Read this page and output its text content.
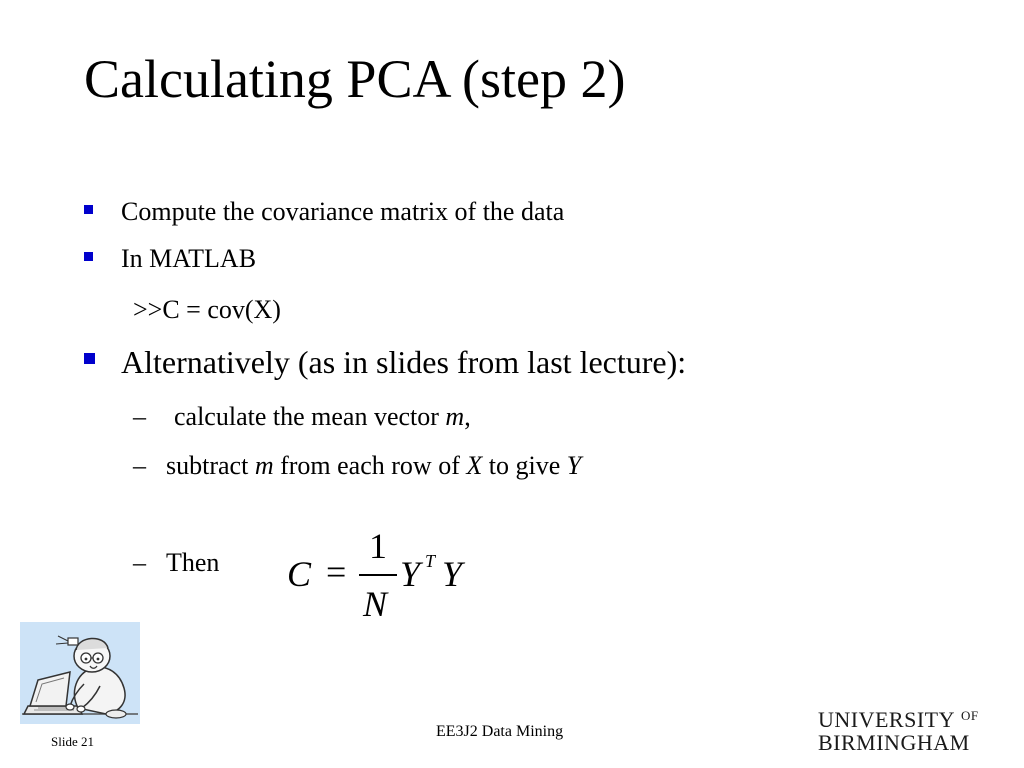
Calculating PCA (step 2)
Compute the covariance matrix of the data
In MATLAB
>>C = cov(X)
Alternatively (as in slides from last lecture):
– calculate the mean vector m,
– subtract m from each row of X to give Y
– Then C =
1
N
Y T Y
Slide 21
EE3J2 Data Mining	UNIVERSITY OF
BIRMINGHAM
